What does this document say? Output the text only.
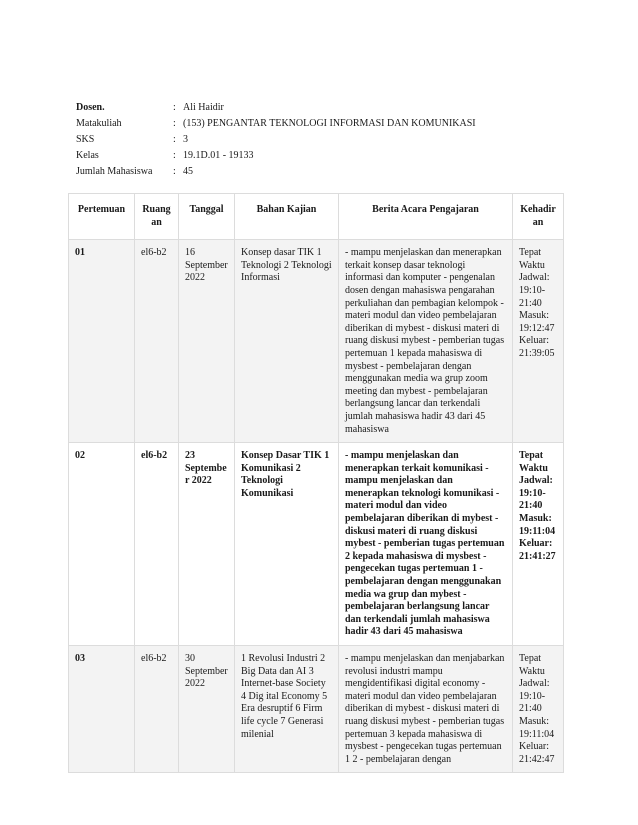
Dosen.	: Ali Haidir
Matakuliah	: (153) PENGANTAR TEKNOLOGI INFORMASI DAN KOMUNIKASI
SKS	: 3
Kelas	: 19.1D.01 - 19133
Jumlah Mahasiswa	: 45
Pertemuan	Ruangan	Tanggal	Bahan Kajian	Berita Acara Pengajaran	Kehadiran
01	el6-b2	16 September 2022	Konsep dasar TIK 1 Teknologi 2 Teknologi Informasi	- mampu menjelaskan dan menerapkan terkait konsep dasar teknologi informasi dan komputer - pengenalan dosen dengan mahasiswa pengarahan perkuliahan dan pembagian kelompok - materi modul dan video pembelajaran diberikan di mybest - diskusi materi di ruang diskusi mybest - pemberian tugas pertemuan 1 kepada mahasiswa di mysbest - pembelajaran dengan menggunakan media wa grup zoom meeting dan mybest - pembelajaran berlangsung lancar dan terkendali jumlah mahasiswa hadir 43 dari 45 mahasiswa	Tepat Waktu Jadwal: 19:10-21:40 Masuk: 19:12:47 Keluar: 21:39:05
02	el6-b2	23 September 2022	Konsep Dasar TIK 1 Komunikasi 2 Teknologi Komunikasi	- mampu menjelaskan dan menerapkan terkait komunikasi - mampu menjelaskan dan menerapkan teknologi komunikasi - materi modul dan video pembelajaran diberikan di mybest - diskusi materi di ruang diskusi mybest - pemberian tugas pertemuan 2 kepada mahasiswa di mysbest - pengecekan tugas pertemuan 1 - pembelajaran dengan menggunakan media wa grup dan mybest - pembelajaran berlangsung lancar dan terkendali jumlah mahasiswa hadir 43 dari 45 mahasiswa	Tepat Waktu Jadwal: 19:10-21:40 Masuk: 19:11:04 Keluar: 21:41:27
03	el6-b2	30 September 2022	1 Revolusi Industri 2 Big Data dan AI 3 Internet-base Society 4 Dig ital Economy 5 Era desruptif 6 Firm life cycle 7 Generasi milenial	- mampu menjelaskan dan menjabarkan revolusi industri mampu mengidentifikasi digital economy - materi modul dan video pembelajaran diberikan di mybest - diskusi materi di ruang diskusi mybest - pemberian tugas pertemuan 3 kepada mahasiswa di mysbest - pengecekan tugas pertemuan 1 2 - pembelajaran dengan	Tepat Waktu Jadwal: 19:10-21:40 Masuk: 19:11:04 Keluar: 21:42:47
